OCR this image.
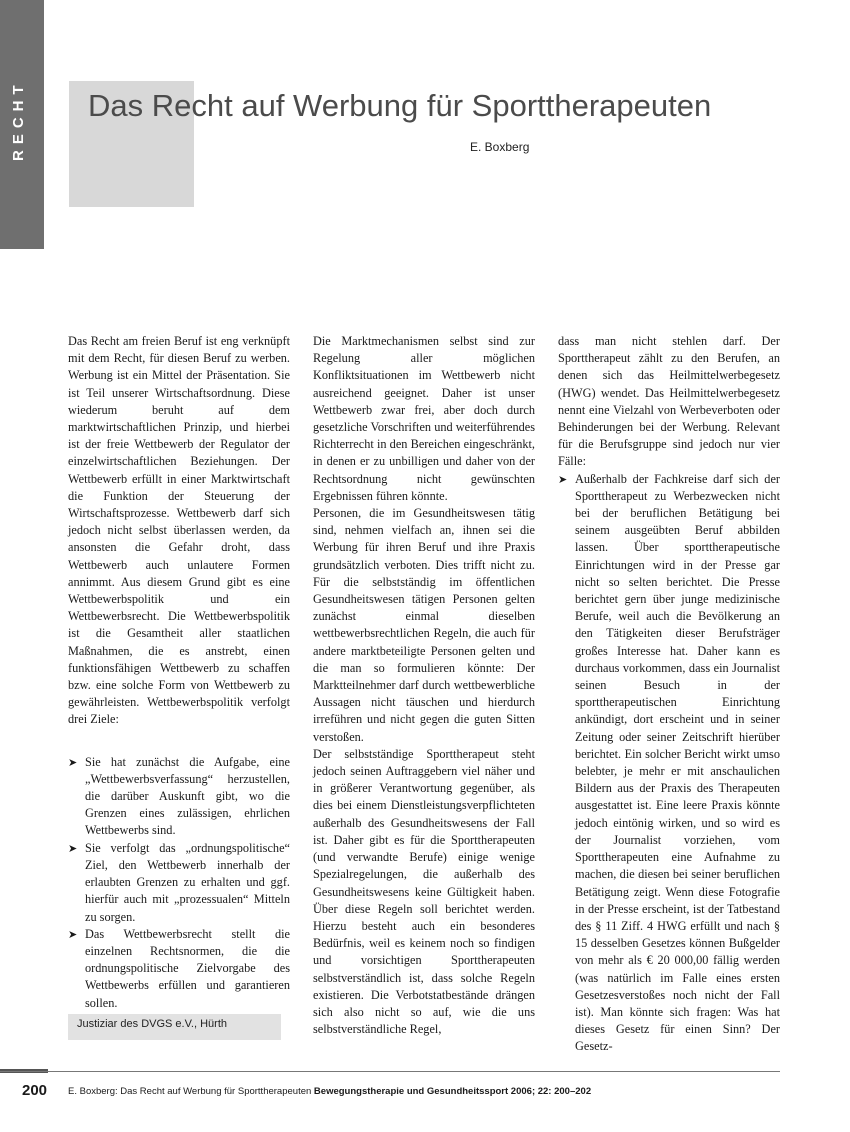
RECHT Das Recht auf Werbung für Sporttherapeuten
E. Boxberg

Das Recht am freien Beruf ist eng verknüpft mit dem Recht, für diesen Beruf zu werben. Werbung ist ein Mittel der Präsentation. Sie ist Teil unserer Wirtschaftsordnung. Diese wiederum beruht auf dem marktwirtschaftlichen Prinzip, und hierbei ist der freie Wettbewerb der Regulator der einzelwirtschaftlichen Beziehungen. Der Wettbewerb erfüllt in einer Marktwirtschaft die Funktion der Steuerung der Wirtschaftsprozesse. Wettbewerb darf sich jedoch nicht selbst überlassen werden, da ansonsten die Gefahr droht, dass Wettbewerb auch unlautere Formen annimmt. Aus diesem Grund gibt es eine Wettbewerbspolitik und ein Wettbewerbsrecht. Die Wettbewerbspolitik ist die Gesamtheit aller staatlichen Maßnahmen, die es anstrebt, einen funktionsfähigen Wettbewerb zu schaffen bzw. eine solche Form von Wettbewerb zu gewährleisten. Wettbewerbspolitik verfolgt drei Ziele:

➤ Sie hat zunächst die Aufgabe, eine „Wettbewerbsverfassung“ herzustellen, die darüber Auskunft gibt, wo die Grenzen eines zulässigen, ehrlichen Wettbewerbs sind.
➤ Sie verfolgt das „ordnungspolitische“ Ziel, den Wettbewerb innerhalb der erlaubten Grenzen zu erhalten und ggf. hierfür auch mit „prozessualen“ Mitteln zu sorgen.
➤ Das Wettbewerbsrecht stellt die einzelnen Rechtsnormen, die die ordnungspolitische Zielvorgabe des Wettbewerbs erfüllen und garantieren sollen.
Justiziar des DVGS e.V., Hürth

Die Marktmechanismen selbst sind zur Regelung aller möglichen Konfliktsituationen im Wettbewerb nicht ausreichend geeignet. Daher ist unser Wettbewerb zwar frei, aber doch durch gesetzliche Vorschriften und weiterführendes Richterrecht in den Bereichen eingeschränkt, in denen er zu unbilligen und daher von der Rechtsordnung nicht gewünschten Ergebnissen führen könnte.

Personen, die im Gesundheitswesen tätig sind, nehmen vielfach an, ihnen sei die Werbung für ihren Beruf und ihre Praxis grundsätzlich verboten. Dies trifft nicht zu. Für die selbstständig im öffentlichen Gesundheitswesen tätigen Personen gelten zunächst einmal dieselben wettbewerbsrechtlichen Regeln, die auch für andere marktbeteiligte Personen gelten und die man so formulieren könnte: Der Marktteilnehmer darf durch wettbewerbliche Aussagen nicht täuschen und hierdurch irreführen und nicht gegen die guten Sitten verstoßen.

Der selbstständige Sporttherapeut steht jedoch seinen Auftraggebern viel näher und in größerer Verantwortung gegenüber, als dies bei einem Dienstleistungsverpflichteten außerhalb des Gesundheitswesens der Fall ist. Daher gibt es für die Sporttherapeuten (und verwandte Berufe) einige wenige Spezialregelungen, die außerhalb des Gesundheitswesens keine Gültigkeit haben. Über diese Regeln soll berichtet werden. Hierzu besteht auch ein besonderes Bedürfnis, weil es keinem noch so findigen und vorsichtigen Sporttherapeuten selbstverständlich ist, dass solche Regeln existieren. Die Verbotstatbestände drängen sich also nicht so auf, wie die uns selbstverständliche Regel,

dass man nicht stehlen darf. Der Sporttherapeut zählt zu den Berufen, an denen sich das Heilmittelwerbegesetz (HWG) wendet. Das Heilmittelwerbegesetz nennt eine Vielzahl von Werbeverboten oder Behinderungen bei der Werbung. Relevant für die Berufsgruppe sind jedoch nur vier Fälle:

➤ Außerhalb der Fachkreise darf sich der Sporttherapeut zu Werbezwecken nicht bei der beruflichen Betätigung bei seinem ausgeübten Beruf abbilden lassen. Über sporttherapeutische Einrichtungen wird in der Presse gar nicht so selten berichtet. Die Presse berichtet gern über junge medizinische Berufe, weil auch die Bevölkerung an den Tätigkeiten dieser Berufsträger großes Interesse hat. Daher kann es durchaus vorkommen, dass ein Journalist seinen Besuch in der sporttherapeutischen Einrichtung ankündigt, dort erscheint und in seiner Zeitung oder seiner Zeitschrift hierüber berichtet. Ein solcher Bericht wirkt umso belebter, je mehr er mit anschaulichen Bildern aus der Praxis des Therapeuten ausgestattet ist. Eine leere Praxis könnte jedoch eintönig wirken, und so wird es der Journalist vorziehen, vom Sporttherapeuten eine Aufnahme zu machen, die diesen bei seiner beruflichen Betätigung zeigt. Wenn diese Fotografie in der Presse erscheint, ist der Tatbestand des § 11 Ziff. 4 HWG erfüllt und nach § 15 desselben Gesetzes können Bußgelder von mehr als € 20 000,00 fällig werden (was natürlich im Falle eines ersten Gesetzesverstoßes noch nicht der Fall ist). Man könnte sich fragen: Was hat dieses Gesetz für einen Sinn? Der Gesetz-
200 E. Boxberg: Das Recht auf Werbung für Sporttherapeuten Bewegungstherapie und Gesundheitssport 2006; 22: 200–202
